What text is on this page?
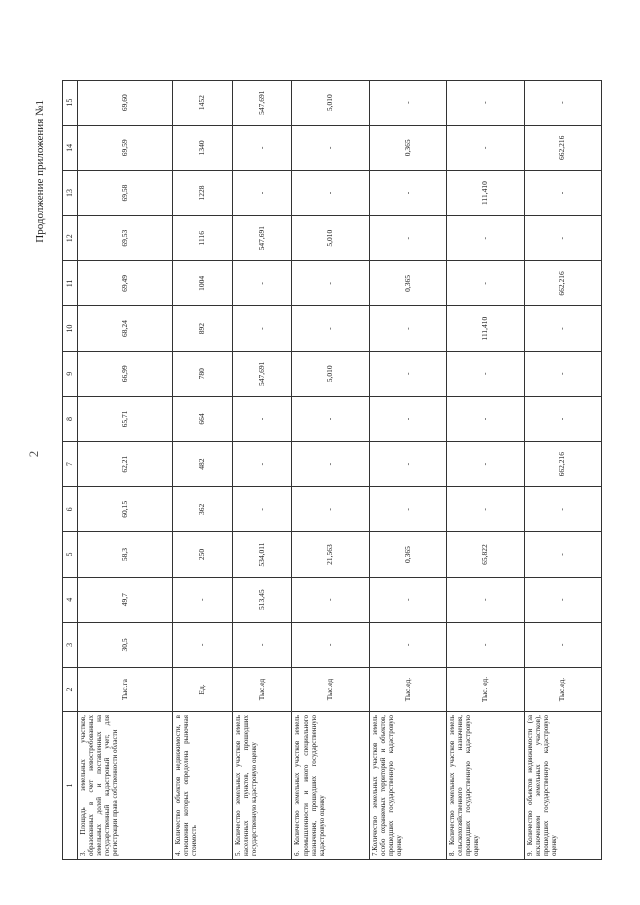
2
Продолжение приложения №1
1	2	3	4	5	6	7	8	9	10	11	12	13	14	15
3. Площадь земельных участков, образованных в счет невостребованных земельных долей и поставленных на государственный кадастровый учет, для регистрации права собственности области	Тыс.га	30,5	49,7	58,3	60,15	62,21	65,71	66,99	68,24	69,49	69,53	69,58	69,59	69,60
4. Количество объектов недвижимости, в отношении которых определена рыночная стоимость	Ед.	-	-	250	362	482	664	780	892	1004	1116	1228	1340	1452
5. Количество земельных участков земель населенных пунктов, прошедших государственную кадастровую оценку	Тыс.ед	-	513,45	534,011	-	-	-	547,691	-	-	547,691	-	-	547,691
6. Количество земельных участков земель промышленности и иного специального назначения, прошедших государственную кадастровую оценку	Тыс.ед	-	-	21,563	-	-	-	5,010	-	-	5,010	-	-	5,010
7.Количество земельных участков земель особо охраняемых территорий и объектов, прошедших государственную кадастровую оценку	Тыс.ед.	-	-	0,365	-	-	-	-	-	0,365	-	-	0,365	-
8. Количество земельных участков земель сельскохозяйственного назначения, прошедших государственную кадастровую оценку	Тыс. ед.	-	-	65,822	-	-	-	-	111,410	-	-	111,410	-	-
9. Количество объектов недвижимости (за исключением земельных участков), прошедших государственную кадастровую оценку	Тыс.ед.	-	-	-	-	662,216	-	-	-	662,216	-	-	662,216	-
